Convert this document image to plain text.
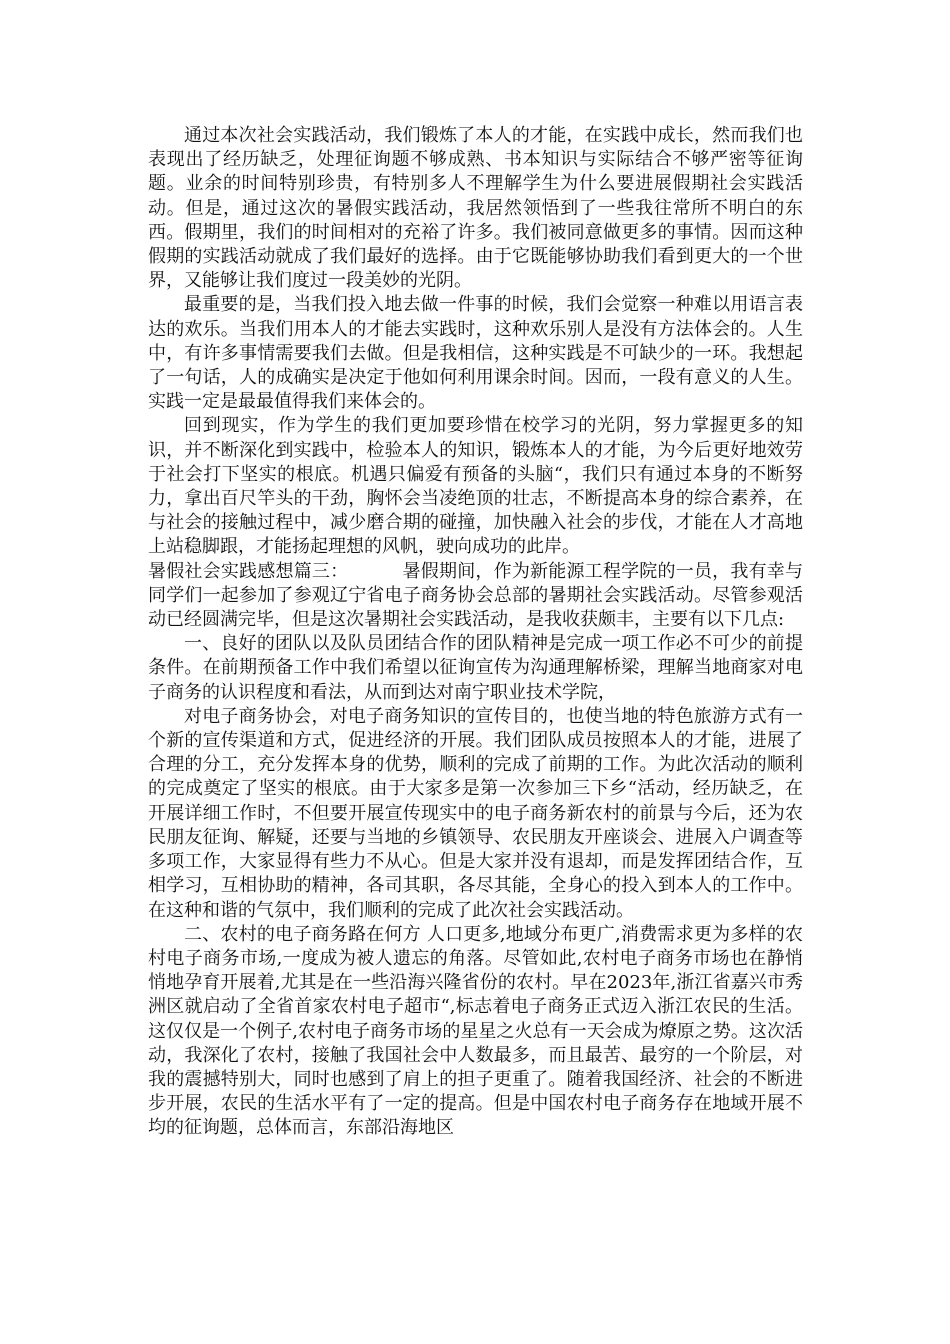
通过本次社会实践活动，我们锻炼了本人的才能，在实践中成长，然而我们也表现出了经历缺乏，处理征询题不够成熟、书本知识与实际结合不够严密等征询题。业余的时间特别珍贵，有特别多人不理解学生为什么要进展假期社会实践活动。但是，通过这次的暑假实践活动，我居然领悟到了一些我往常所不明白的东西。假期里，我们的时间相对的充裕了许多。我们被同意做更多的事情。因而这种假期的实践活动就成了我们最好的选择。由于它既能够协助我们看到更大的一个世界，又能够让我们度过一段美妙的光阴。

最重要的是，当我们投入地去做一件事的时候，我们会觉察一种难以用语言表达的欢乐。当我们用本人的才能去实践时，这种欢乐别人是没有方法体会的。人生中，有许多事情需要我们去做。但是我相信，这种实践是不可缺少的一环。我想起了一句话，人的成确实是决定于他如何利用课余时间。因而，一段有意义的人生。实践一定是最最值得我们来体会的。

回到现实，作为学生的我们更加要珍惜在校学习的光阴，努力掌握更多的知识，并不断深化到实践中，检验本人的知识，锻炼本人的才能，为今后更好地效劳于社会打下坚实的根底。机遇只偏爱有预备的头脑“，我们只有通过本身的不断努力，拿出百尺竿头的干劲，胸怀会当凌绝顶的壮志，不断提高本身的综合素养，在与社会的接触过程中，减少磨合期的碰撞，加快融入社会的步伐，才能在人才高地上站稳脚跟，才能扬起理想的风帆，驶向成功的此岸。

暑假社会实践感想篇三：	暑假期间，作为新能源工程学院的一员，我有幸与同学们一起参加了参观辽宁省电子商务协会总部的暑期社会实践活动。尽管参观活动已经圆满完毕，但是这次暑期社会实践活动，是我收获颇丰，主要有以下几点:

一、良好的团队以及队员团结合作的团队精神是完成一项工作必不可少的前提条件。在前期预备工作中我们希望以征询宣传为沟通理解桥梁，理解当地商家对电子商务的认识程度和看法，从而到达对南宁职业技术学院，

对电子商务协会，对电子商务知识的宣传目的，也使当地的特色旅游方式有一个新的宣传渠道和方式，促进经济的开展。我们团队成员按照本人的才能，进展了合理的分工，充分发挥本身的优势，顺利的完成了前期的工作。为此次活动的顺利的完成奠定了坚实的根底。由于大家多是第一次参加三下乡“活动，经历缺乏，在开展详细工作时，不但要开展宣传现实中的电子商务新农村的前景与今后，还为农民朋友征询、解疑，还要与当地的乡镇领导、农民朋友开座谈会、进展入户调查等多项工作，大家显得有些力不从心。但是大家并没有退却，而是发挥团结合作，互相学习，互相协助的精神，各司其职，各尽其能，全身心的投入到本人的工作中。在这种和谐的气氛中，我们顺利的完成了此次社会实践活动。

二、农村的电子商务路在何方 人口更多,地域分布更广,消费需求更为多样的农村电子商务市场,一度成为被人遗忘的角落。尽管如此,农村电子商务市场也在静悄悄地孕育开展着,尤其是在一些沿海兴隆省份的农村。早在2023年,浙江省嘉兴市秀洲区就启动了全省首家农村电子超市“,标志着电子商务正式迈入浙江农民的生活。这仅仅是一个例子,农村电子商务市场的星星之火总有一天会成为燎原之势。这次活动，我深化了农村，接触了我国社会中人数最多，而且最苦、最穷的一个阶层，对我的震撼特别大，同时也感到了肩上的担子更重了。随着我国经济、社会的不断进步开展，农民的生活水平有了一定的提高。但是中国农村电子商务存在地域开展不均的征询题，总体而言，东部沿海地区
